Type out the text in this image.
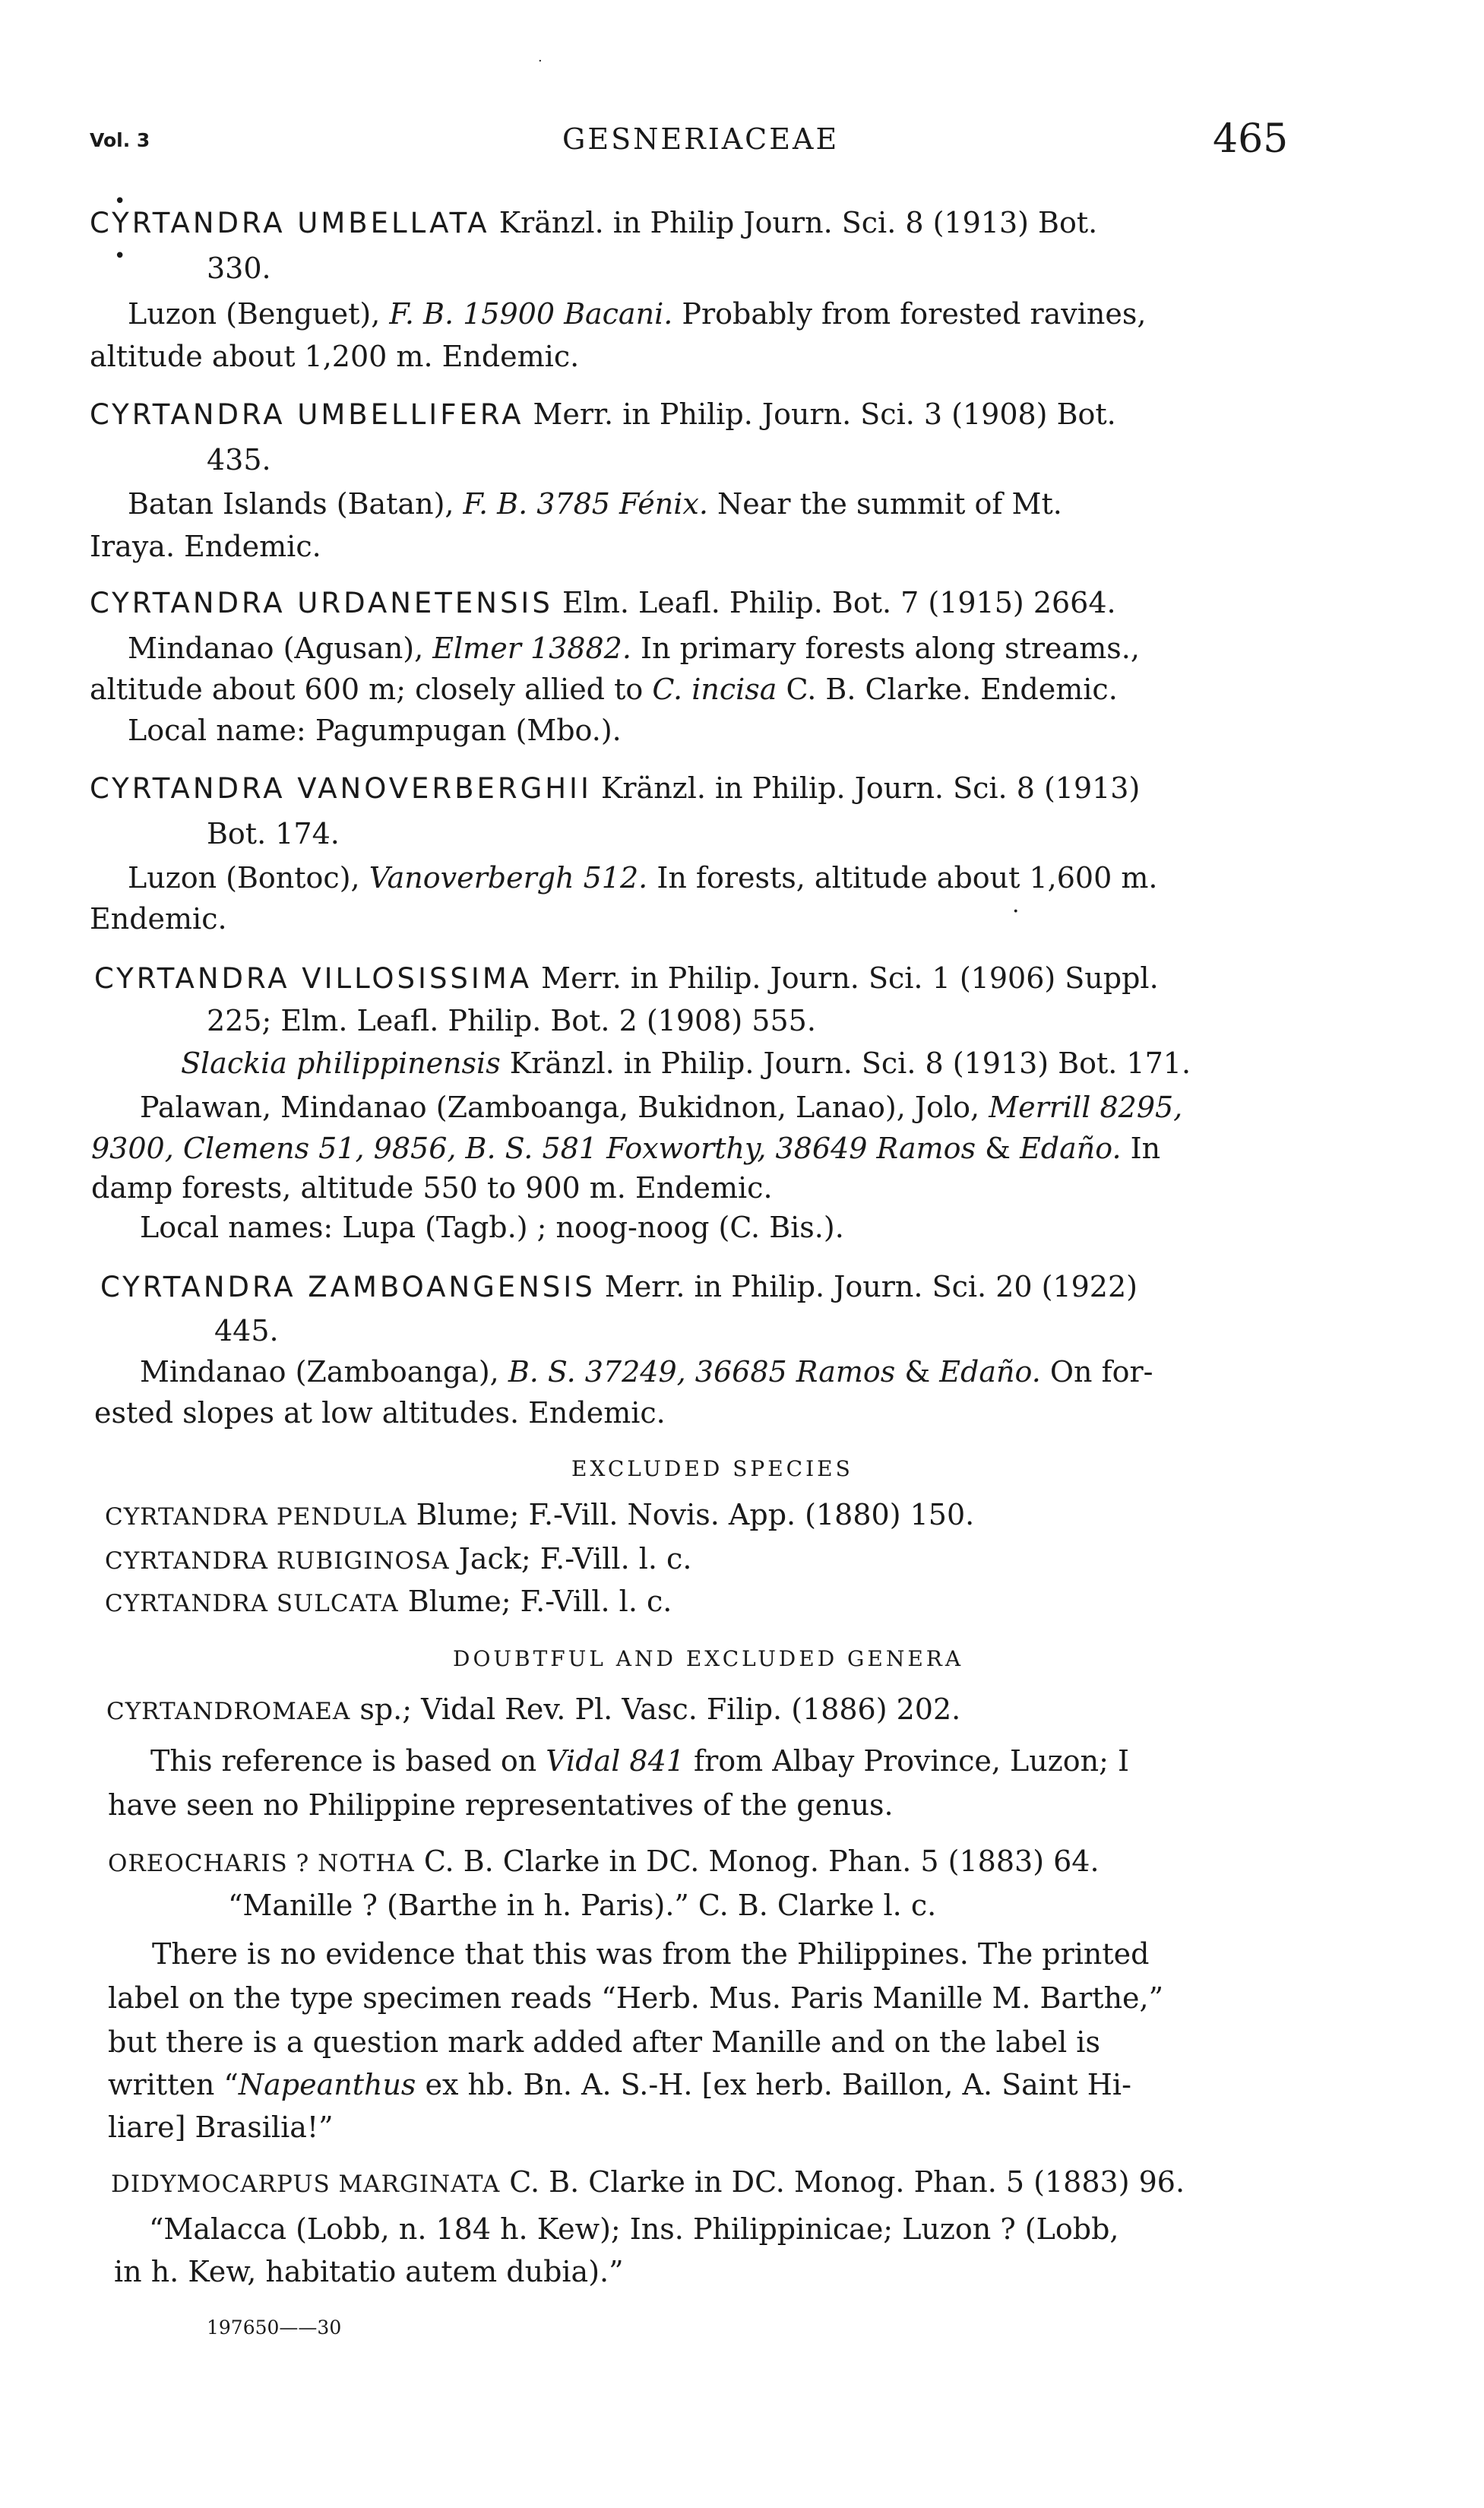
Vol. 3	GESNERIACEAE	465
CYRTANDRA UMBELLATA Kränzl. in Philip Journ. Sci. 8 (1913) Bot.
330.
Luzon (Benguet), F. B. 15900 Bacani. Probably from forested ravines,
altitude about 1,200 m. Endemic.
CYRTANDRA UMBELLIFERA Merr. in Philip. Journ. Sci. 3 (1908) Bot.
435.
Batan Islands (Batan), F. B. 3785 Fénix. Near the summit of Mt.
Iraya. Endemic.
CYRTANDRA URDANETENSIS Elm. Leafl. Philip. Bot. 7 (1915) 2664.
Mindanao (Agusan), Elmer 13882. In primary forests along streams.,
altitude about 600 m; closely allied to C. incisa C. B. Clarke. Endemic.
Local name: Pagumpugan (Mbo.).
CYRTANDRA VANOVERBERGHII Kränzl. in Philip. Journ. Sci. 8 (1913)
Bot. 174.
Luzon (Bontoc), Vanoverbergh 512. In forests, altitude about 1,600 m.
Endemic.	·
CYRTANDRA VILLOSISSIMA Merr. in Philip. Journ. Sci. 1 (1906) Suppl.
225; Elm. Leafl. Philip. Bot. 2 (1908) 555.
Slackia philippinensis Kränzl. in Philip. Journ. Sci. 8 (1913) Bot. 171.
Palawan, Mindanao (Zamboanga, Bukidnon, Lanao), Jolo, Merrill 8295,
9300, Clemens 51, 9856, B. S. 581 Foxworthy, 38649 Ramos & Edaño. In
damp forests, altitude 550 to 900 m. Endemic.
Local names: Lupa (Tagb.) ; noog-noog (C. Bis.).
CYRTANDRA ZAMBOANGENSIS Merr. in Philip. Journ. Sci. 20 (1922)
445.
Mindanao (Zamboanga), B. S. 37249, 36685 Ramos & Edaño. On for-
ested slopes at low altitudes. Endemic.
EXCLUDED SPECIES
CYRTANDRA PENDULA Blume; F.-Vill. Novis. App. (1880) 150.
CYRTANDRA RUBIGINOSA Jack; F.-Vill. l. c.
CYRTANDRA SULCATA Blume; F.-Vill. l. c.
DOUBTFUL AND EXCLUDED GENERA
CYRTANDROMAEA sp.; Vidal Rev. Pl. Vasc. Filip. (1886) 202.
This reference is based on Vidal 841 from Albay Province, Luzon; I
have seen no Philippine representatives of the genus.
OREOCHARIS ? NOTHA C. B. Clarke in DC. Monog. Phan. 5 (1883) 64.
“Manille ? (Barthe in h. Paris).” C. B. Clarke l. c.
There is no evidence that this was from the Philippines. The printed
label on the type specimen reads “Herb. Mus. Paris Manille M. Barthe,”
but there is a question mark added after Manille and on the label is
written “Napeanthus ex hb. Bn. A. S.-H. [ex herb. Baillon, A. Saint Hi-
liare] Brasilia!”
DIDYMOCARPUS MARGINATA C. B. Clarke in DC. Monog. Phan. 5 (1883) 96.
“Malacca (Lobb, n. 184 h. Kew); Ins. Philippinicae; Luzon ? (Lobb,
in h. Kew, habitatio autem dubia).”
197650——30
·
•
•
